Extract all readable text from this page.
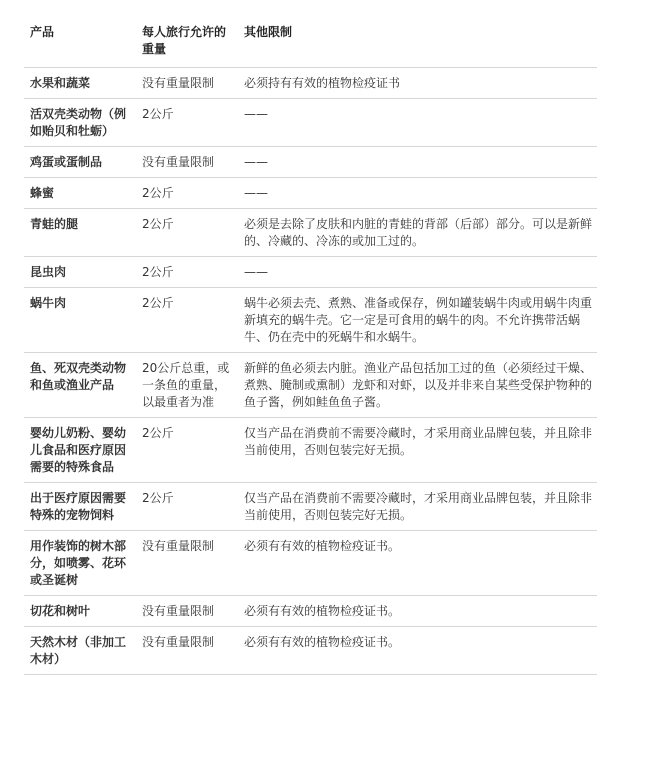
产品	每人旅行允许的重量	其他限制
水果和蔬菜	没有重量限制	必须持有有效的植物检疫证书
活双壳类动物（例如贻贝和牡蛎）	2公斤	——
鸡蛋或蛋制品	没有重量限制	——
蜂蜜	2公斤	——
青蛙的腿	2公斤	必须是去除了皮肤和内脏的青蛙的背部（后部）部分。可以是新鲜的、冷藏的、冷冻的或加工过的。
昆虫肉	2公斤	——
蜗牛肉	2公斤	蜗牛必须去壳、煮熟、准备或保存，例如罐装蜗牛肉或用蜗牛肉重新填充的蜗牛壳。它一定是可食用的蜗牛的肉。不允许携带活蜗牛、仍在壳中的死蜗牛和水蜗牛。
鱼、死双壳类动物和鱼或渔业产品	20公斤总重，或一条鱼的重量，以最重者为准	新鲜的鱼必须去内脏。渔业产品包括加工过的鱼（必须经过干燥、煮熟、腌制或熏制）龙虾和对虾，以及并非来自某些受保护物种的鱼子酱，例如鲑鱼鱼子酱。
婴幼儿奶粉、婴幼儿食品和医疗原因需要的特殊食品	2公斤	仅当产品在消费前不需要冷藏时，才采用商业品牌包装，并且除非当前使用，否则包装完好无损。
出于医疗原因需要特殊的宠物饲料	2公斤	仅当产品在消费前不需要冷藏时，才采用商业品牌包装，并且除非当前使用，否则包装完好无损。
用作装饰的树木部分，如喷雾、花环或圣诞树	没有重量限制	必须有有效的植物检疫证书。
切花和树叶	没有重量限制	必须有有效的植物检疫证书。
天然木材（非加工木材）	没有重量限制	必须有有效的植物检疫证书。
